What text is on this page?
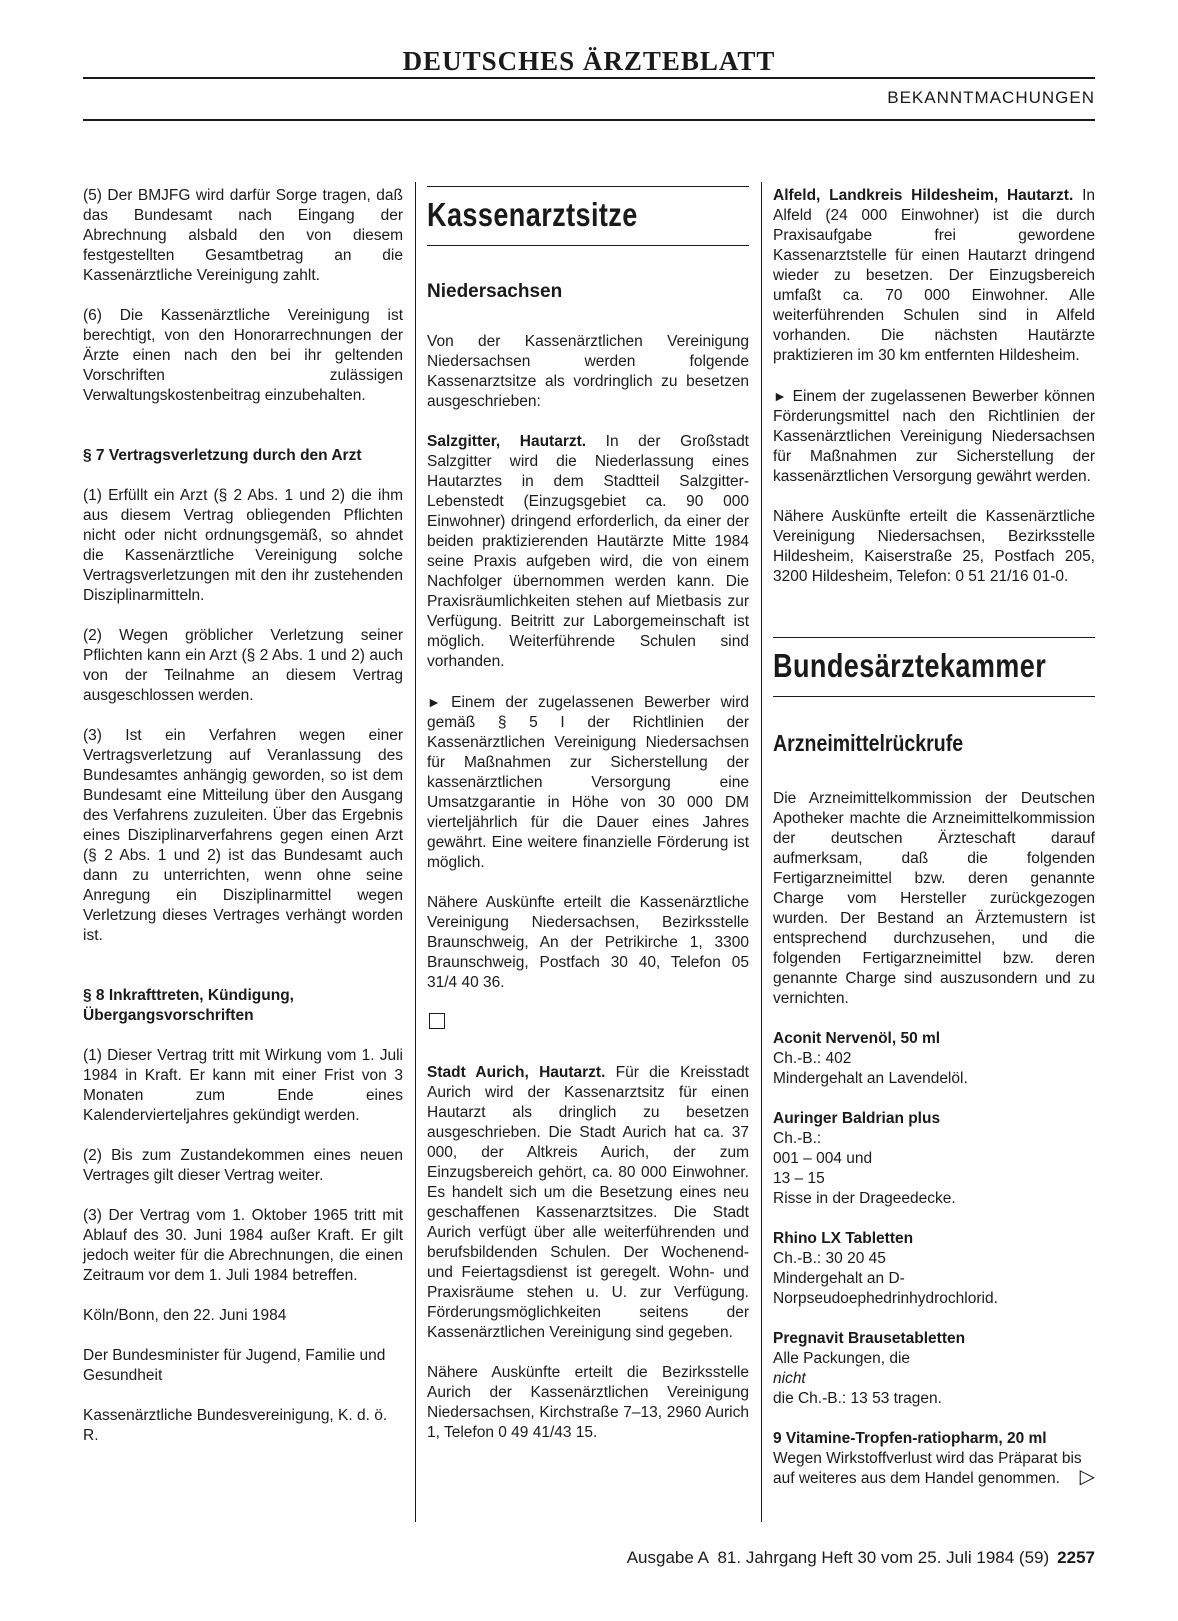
DEUTSCHES ÄRZTEBLATT
BEKANNTMACHUNGEN

(5) Der BMJFG wird darfür Sorge tragen, daß das Bundesamt nach Eingang der Abrechnung alsbald den von diesem festgestellten Gesamtbetrag an die Kassenärztliche Vereinigung zahlt.

(6) Die Kassenärztliche Vereinigung ist berechtigt, von den Honorarrechnungen der Ärzte einen nach den bei ihr geltenden Vorschriften zulässigen Verwaltungskostenbeitrag einzubehalten.

§ 7 Vertragsverletzung durch den Arzt

(1) Erfüllt ein Arzt (§ 2 Abs. 1 und 2) die ihm aus diesem Vertrag obliegenden Pflichten nicht oder nicht ordnungsgemäß, so ahndet die Kassenärztliche Vereinigung solche Vertragsverletzungen mit den ihr zustehenden Disziplinarmitteln.

(2) Wegen gröblicher Verletzung seiner Pflichten kann ein Arzt (§ 2 Abs. 1 und 2) auch von der Teilnahme an diesem Vertrag ausgeschlossen werden.

(3) Ist ein Verfahren wegen einer Vertragsverletzung auf Veranlassung des Bundesamtes anhängig geworden, so ist dem Bundesamt eine Mitteilung über den Ausgang des Verfahrens zuzuleiten. Über das Ergebnis eines Disziplinarverfahrens gegen einen Arzt (§ 2 Abs. 1 und 2) ist das Bundesamt auch dann zu unterrichten, wenn ohne seine Anregung ein Disziplinarmittel wegen Verletzung dieses Vertrages verhängt worden ist.

§ 8 Inkrafttreten, Kündigung, Übergangsvorschriften

(1) Dieser Vertrag tritt mit Wirkung vom 1. Juli 1984 in Kraft. Er kann mit einer Frist von 3 Monaten zum Ende eines Kalendervierteljahres gekündigt werden.

(2) Bis zum Zustandekommen eines neuen Vertrages gilt dieser Vertrag weiter.

(3) Der Vertrag vom 1. Oktober 1965 tritt mit Ablauf des 30. Juni 1984 außer Kraft. Er gilt jedoch weiter für die Abrechnungen, die einen Zeitraum vor dem 1. Juli 1984 betreffen.

Köln/Bonn, den 22. Juni 1984

Der Bundesminister für Jugend, Familie und Gesundheit

Kassenärztliche Bundesvereinigung, K. d. ö. R.

Kassenarztsitze
Niedersachsen

Von der Kassenärztlichen Vereinigung Niedersachsen werden folgende Kassenarztsitze als vordringlich zu besetzen ausgeschrieben:

Salzgitter, Hautarzt. In der Großstadt Salzgitter wird die Niederlassung eines Hautarztes in dem Stadtteil Salzgitter-Lebenstedt (Einzugsgebiet ca. 90 000 Einwohner) dringend erforderlich, da einer der beiden praktizierenden Hautärzte Mitte 1984 seine Praxis aufgeben wird, die von einem Nachfolger übernommen werden kann. Die Praxisräumlichkeiten stehen auf Mietbasis zur Verfügung. Beitritt zur Laborgemeinschaft ist möglich. Weiterführende Schulen sind vorhanden.

► Einem der zugelassenen Bewerber wird gemäß § 5 I der Richtlinien der Kassenärztlichen Vereinigung Niedersachsen für Maßnahmen zur Sicherstellung der kassenärztlichen Versorgung eine Umsatzgarantie in Höhe von 30 000 DM vierteljährlich für die Dauer eines Jahres gewährt. Eine weitere finanzielle Förderung ist möglich.

Nähere Auskünfte erteilt die Kassenärztliche Vereinigung Niedersachsen, Bezirksstelle Braunschweig, An der Petrikirche 1, 3300 Braunschweig, Postfach 30 40, Telefon 05 31/4 40 36.

Stadt Aurich, Hautarzt. Für die Kreisstadt Aurich wird der Kassenarztsitz für einen Hautarzt als dringlich zu besetzen ausgeschrieben. Die Stadt Aurich hat ca. 37 000, der Altkreis Aurich, der zum Einzugsbereich gehört, ca. 80 000 Einwohner. Es handelt sich um die Besetzung eines neu geschaffenen Kassenarztsitzes. Die Stadt Aurich verfügt über alle weiterführenden und berufsbildenden Schulen. Der Wochenend- und Feiertagsdienst ist geregelt. Wohn- und Praxisräume stehen u. U. zur Verfügung. Förderungsmöglichkeiten seitens der Kassenärztlichen Vereinigung sind gegeben.

Nähere Auskünfte erteilt die Bezirksstelle Aurich der Kassenärztlichen Vereinigung Niedersachsen, Kirchstraße 7–13, 2960 Aurich 1, Telefon 0 49 41/43 15.

Alfeld, Landkreis Hildesheim, Hautarzt. In Alfeld (24 000 Einwohner) ist die durch Praxisaufgabe frei gewordene Kassenarztstelle für einen Hautarzt dringend wieder zu besetzen. Der Einzugsbereich umfaßt ca. 70 000 Einwohner. Alle weiterführenden Schulen sind in Alfeld vorhanden. Die nächsten Hautärzte praktizieren im 30 km entfernten Hildesheim.

► Einem der zugelassenen Bewerber können Förderungsmittel nach den Richtlinien der Kassenärztlichen Vereinigung Niedersachsen für Maßnahmen zur Sicherstellung der kassenärztlichen Versorgung gewährt werden.

Nähere Auskünfte erteilt die Kassenärztliche Vereinigung Niedersachsen, Bezirksstelle Hildesheim, Kaiserstraße 25, Postfach 205, 3200 Hildesheim, Telefon: 0 51 21/16 01-0.

Bundesärztekammer
Arzneimittelrückrufe

Die Arzneimittelkommission der Deutschen Apotheker machte die Arzneimittelkommission der deutschen Ärzteschaft darauf aufmerksam, daß die folgenden Fertigarzneimittel bzw. deren genannte Charge vom Hersteller zurückgezogen wurden. Der Bestand an Ärztemustern ist entsprechend durchzusehen, und die folgenden Fertigarzneimittel bzw. deren genannte Charge sind auszusondern und zu vernichten.

Aconit Nervenöl, 50 ml
Ch.-B.: 402
Mindergehalt an Lavendelöl.
Auringer Baldrian plus
Ch.-B.:
001 – 004 und
13 – 15
Risse in der Drageedecke.
Rhino LX Tabletten
Ch.-B.: 30 20 45
Mindergehalt an D-Norpseudoephedrinhydrochlorid.
Pregnavit Brausetabletten
Alle Packungen, die
nicht
die Ch.-B.: 13 53 tragen.
9 Vitamine-Tropfen-ratiopharm, 20 ml
Wegen Wirkstoffverlust wird das Präparat bis auf weiteres aus dem Handel genommen. ▷
Ausgabe A  81. Jahrgang Heft 30 vom 25. Juli 1984 (59) 2257
